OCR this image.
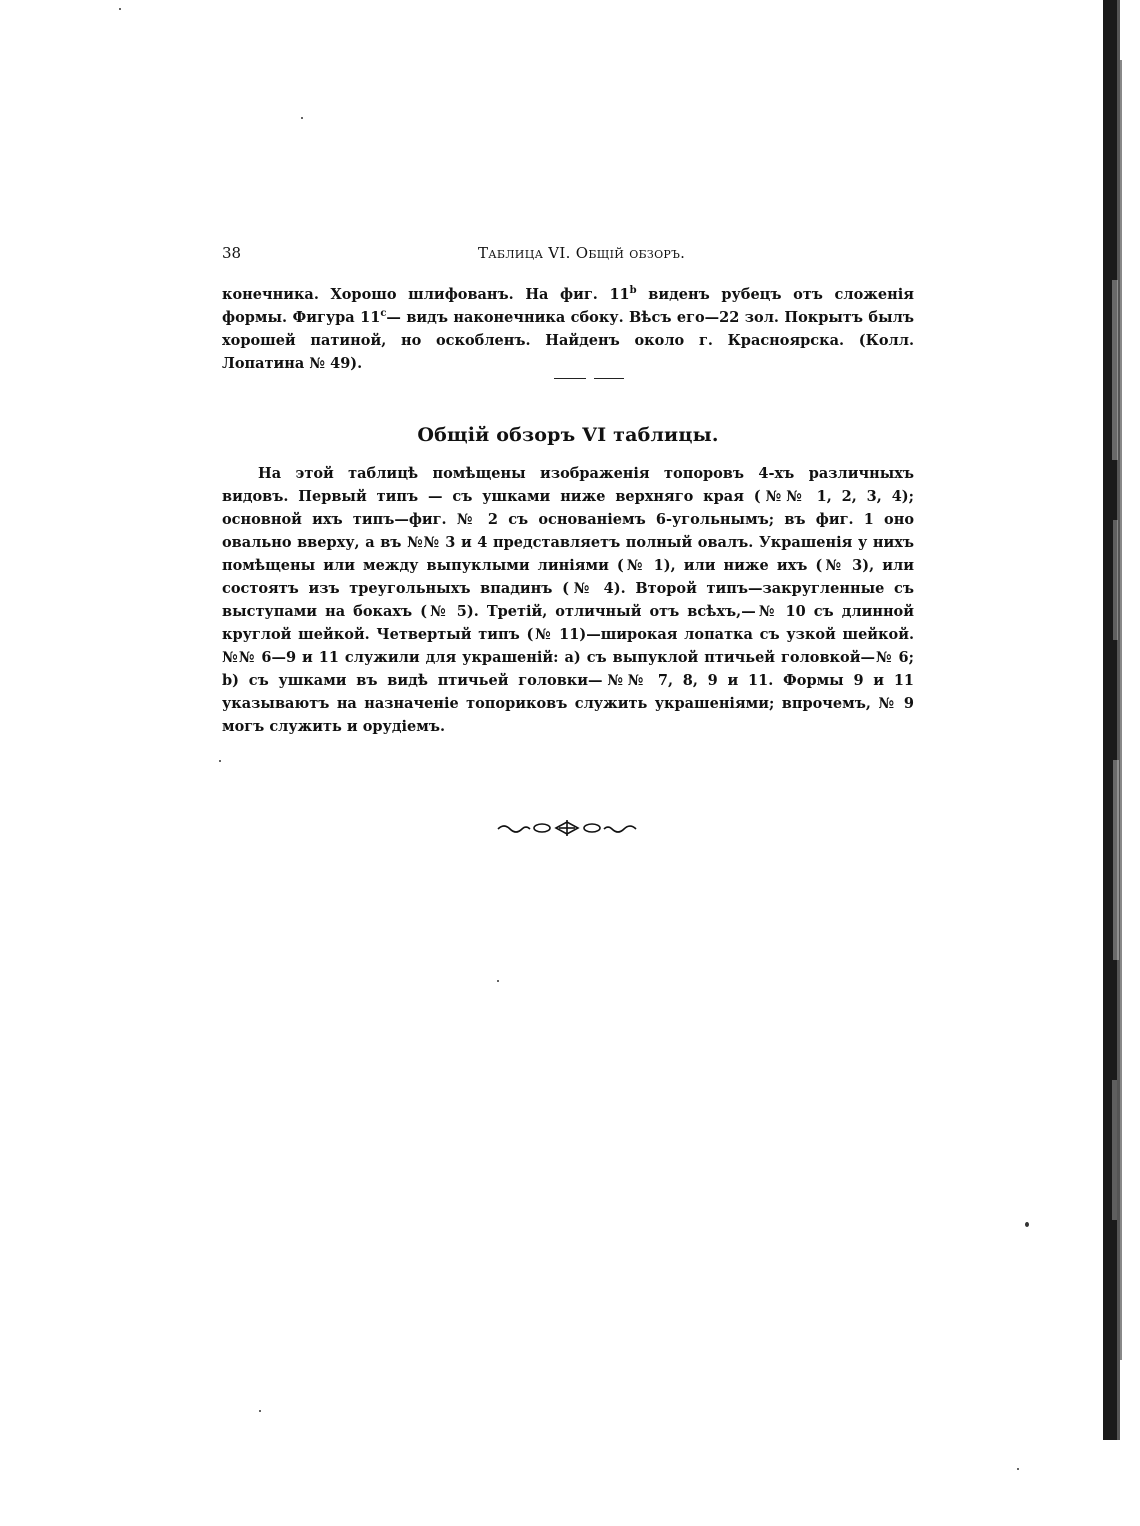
38	Таблица VI. Общій обзоръ.
конечника. Хорошо шлифованъ. На фиг. 11$^b$ виденъ рубецъ отъ сложенія формы. Фигура 11$^c$— видъ наконечника сбоку. Вѣсъ его—22 зол. Покрытъ былъ хорошей патиной, но оскобленъ. Найденъ около г. Красноярска. (Колл. Лопатина № 49).
Общій обзоръ VI таблицы.
На этой таблицѣ помѣщены изображенія топоровъ 4-хъ различныхъ видовъ. Первый типъ — съ ушками ниже верхняго края (№№ 1, 2, 3, 4); основной ихъ типъ—фиг. № 2 съ основаніемъ 6-угольнымъ; въ фиг. 1 оно овально вверху, а въ №№ 3 и 4 представляетъ полный овалъ. Украшенія у нихъ помѣщены или между выпуклыми линіями (№ 1), или ниже ихъ (№ 3), или состоятъ изъ треугольныхъ впадинъ (№ 4). Второй типъ—закругленные съ выступами на бокахъ (№ 5). Третій, отличный отъ всѣхъ,—№ 10 съ длинной круглой шейкой. Четвертый типъ (№ 11)—широкая лопатка съ узкой шейкой. №№ 6—9 и 11 служили для украшеній: а) съ выпуклой птичьей головкой—№ 6; b) съ ушками въ видѣ птичьей головки—№№ 7, 8, 9 и 11. Формы 9 и 11 указываютъ на назначеніе топориковъ служить украшеніями; впрочемъ, № 9 могъ служить и орудіемъ.
